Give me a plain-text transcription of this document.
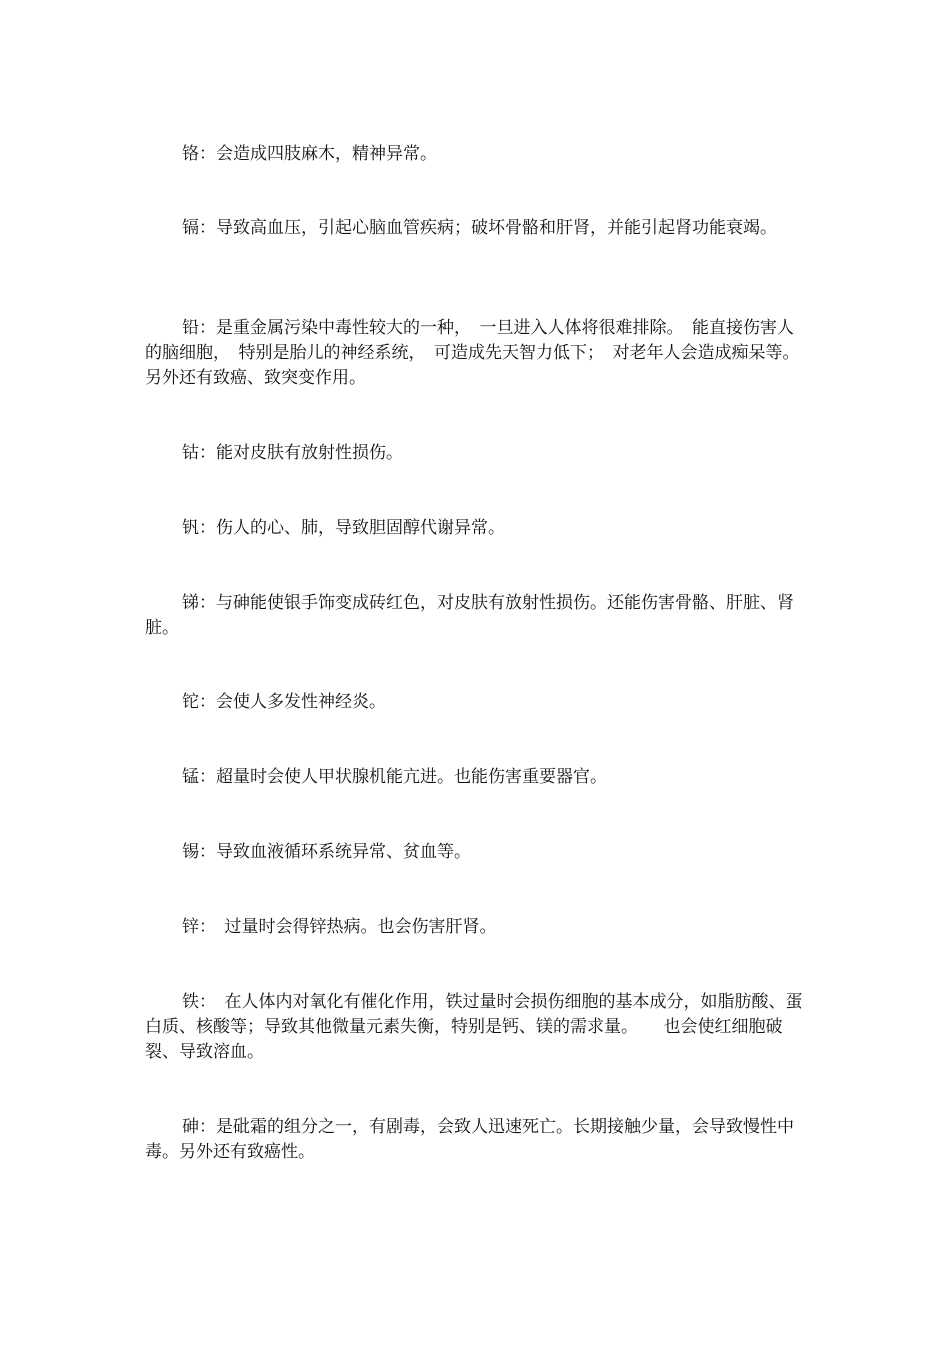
铬：会造成四肢麻木，精神异常。

镉：导致高血压，引起心脑血管疾病；破坏骨骼和肝肾，并能引起肾功能衰竭。

铅：是重金属污染中毒性较大的一种，　一旦进入人体将很难排除。　能直接伤害人的脑细胞，　特别是胎儿的神经系统，　可造成先天智力低下；　对老年人会造成痴呆等。　另外还有致癌、致突变作用。

钴：能对皮肤有放射性损伤。

钒：伤人的心、肺，导致胆固醇代谢异常。

锑：与砷能使银手饰变成砖红色，对皮肤有放射性损伤。还能伤害骨骼、肝脏、肾脏。

铊：会使人多发性神经炎。

锰：超量时会使人甲状腺机能亢进。也能伤害重要器官。

锡：导致血液循环系统异常、贫血等。

锌：　过量时会得锌热病。也会伤害肝肾。

铁：　在人体内对氧化有催化作用，铁过量时会损伤细胞的基本成分，如脂肪酸、蛋白质、核酸等；导致其他微量元素失衡，特别是钙、镁的需求量。　　也会使红细胞破裂、导致溶血。

砷：是砒霜的组分之一，有剧毒，会致人迅速死亡。长期接触少量，会导致慢性中毒。另外还有致癌性。
